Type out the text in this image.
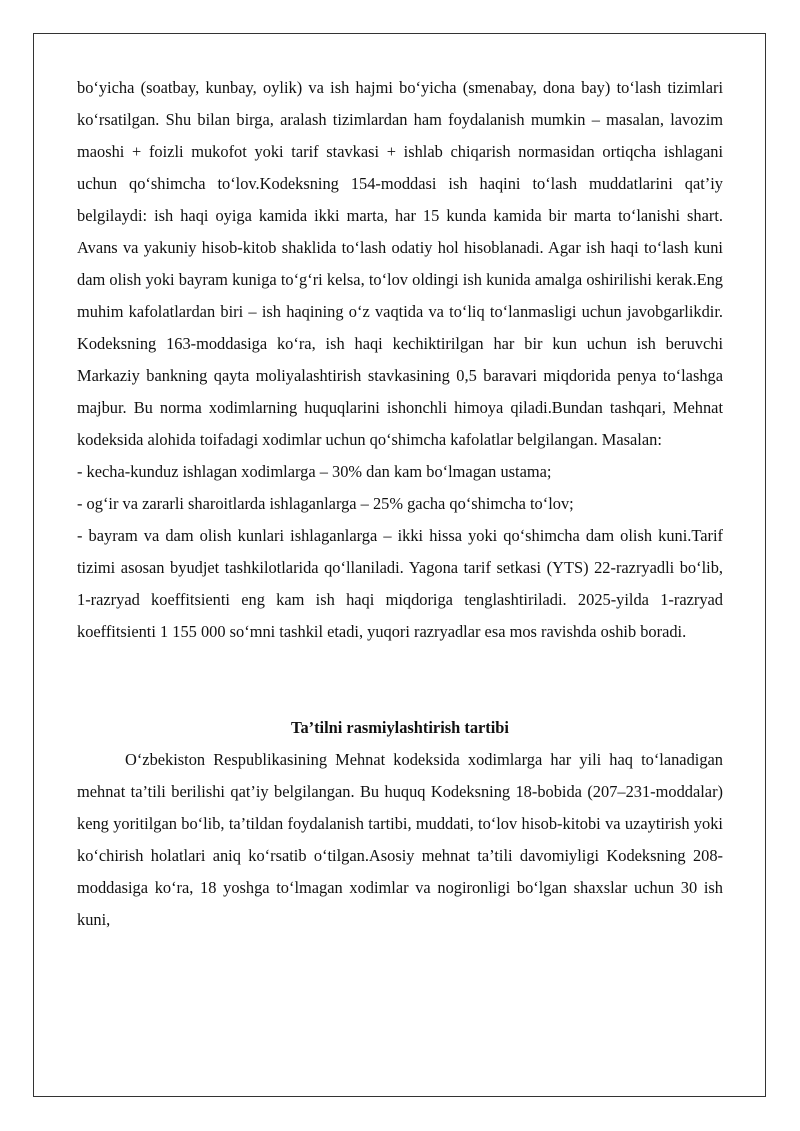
bo‘yicha (soatbay, kunbay, oylik) va ish hajmi bo‘yicha (smenabay, dona bay) to‘lash tizimlari ko‘rsatilgan. Shu bilan birga, aralash tizimlardan ham foydalanish mumkin – masalan, lavozim maoshi + foizli mukofot yoki tarif stavkasi + ishlab chiqarish normasidan ortiqcha ishlagani uchun qo‘shimcha to‘lov.Kodeksning 154-moddasi ish haqini to‘lash muddatlarini qat’iy belgilaydi: ish haqi oyiga kamida ikki marta, har 15 kunda kamida bir marta to‘lanishi shart. Avans va yakuniy hisob-kitob shaklida to‘lash odatiy hol hisoblanadi. Agar ish haqi to‘lash kuni dam olish yoki bayram kuniga to‘g‘ri kelsa, to‘lov oldingi ish kunida amalga oshirilishi kerak.Eng muhim kafolatlardan biri – ish haqining o‘z vaqtida va to‘liq to‘lanmasligi uchun javobgarlikdir. Kodeksning 163-moddasiga ko‘ra, ish haqi kechiktirilgan har bir kun uchun ish beruvchi Markaziy bankning qayta moliyalashtirish stavkasining 0,5 baravari miqdorida penya to‘lashga majbur. Bu norma xodimlarning huquqlarini ishonchli himoya qiladi.Bundan tashqari, Mehnat kodeksida alohida toifadagi xodimlar uchun qo‘shimcha kafolatlar belgilangan. Masalan:

- kecha-kunduz ishlagan xodimlarga – 30% dan kam bo‘lmagan ustama;

- og‘ir va zararli sharoitlarda ishlaganlarga – 25% gacha qo‘shimcha to‘lov;

- bayram va dam olish kunlari ishlaganlarga – ikki hissa yoki qo‘shimcha dam olish kuni.Tarif tizimi asosan byudjet tashkilotlarida qo‘llaniladi. Yagona tarif setkasi (YTS) 22-razryadli bo‘lib, 1-razryad koeffitsienti eng kam ish haqi miqdoriga tenglashtiriladi. 2025-yilda 1-razryad koeffitsienti 1 155 000 so‘mni tashkil etadi, yuqori razryadlar esa mos ravishda oshib boradi.

Ta’tilni rasmiylashtirish tartibi

O‘zbekiston Respublikasining Mehnat kodeksida xodimlarga har yili haq to‘lanadigan mehnat ta’tili berilishi qat’iy belgilangan. Bu huquq Kodeksning 18-bobida (207–231-moddalar) keng yoritilgan bo‘lib, ta’tildan foydalanish tartibi, muddati, to‘lov hisob-kitobi va uzaytirish yoki ko‘chirish holatlari aniq ko‘rsatib o‘tilgan.Asosiy mehnat ta’tili davomiyligi Kodeksning 208-moddasiga ko‘ra, 18 yoshga to‘lmagan xodimlar va nogironligi bo‘lgan shaxslar uchun 30 ish kuni,
